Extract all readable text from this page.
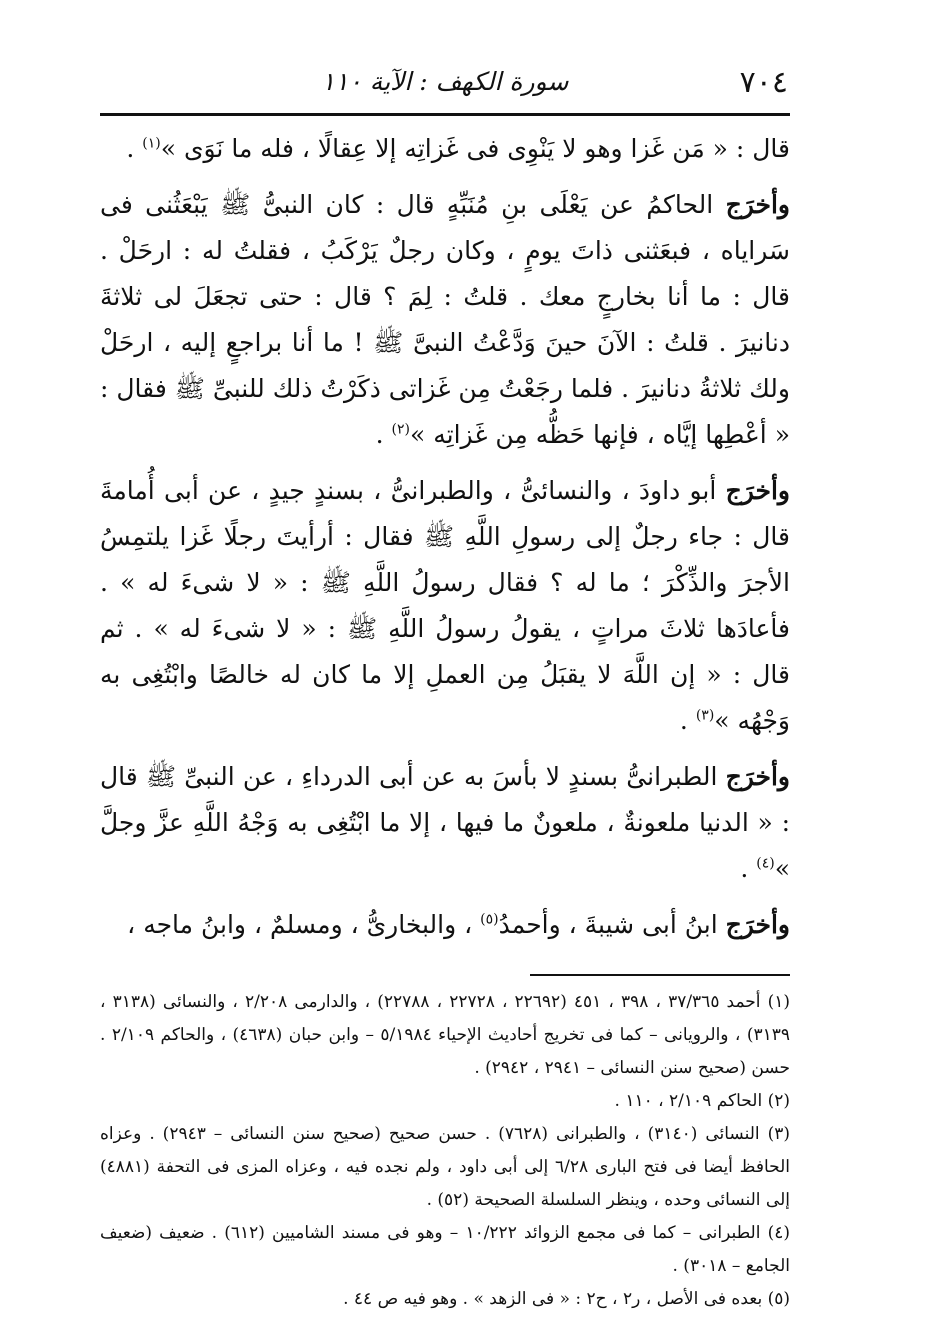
٧٠٤
سورة الكهف : الآية ١١٠

قال : « مَن غَزا وهو لا يَنْوِى فى غَزاتِه إلا عِقالًا ، فله ما نَوَى »$^{(١)}$ .

وأخرَج الحاكمُ عن يَعْلَى بنِ مُنَبِّهٍ قال : كان النبىُّ ﷺ يَبْعَثُنى فى سَراياه ، فبعَثنى ذاتَ يومٍ ، وكان رجلٌ يَرْكَبُ ، فقلتُ له : ارحَلْ . قال : ما أنا بخارجٍ معك . قلتُ : لِمَ ؟ قال : حتى تجعَلَ لى ثلاثةَ دنانيرَ . قلتُ : الآنَ حينَ وَدَّعْتُ النبىَّ ﷺ ! ما أنا براجعٍ إليه ، ارحَلْ ولك ثلاثةُ دنانيرَ . فلما رجَعْتُ مِن غَزاتى ذكَرْتُ ذلك للنبىِّ ﷺ فقال : « أعْطِها إيَّاه ، فإنها حَظُّه مِن غَزاتِه »$^{(٢)}$ .

وأخرَج أبو داودَ ، والنسائىُّ ، والطبرانىُّ ، بسندٍ جيدٍ ، عن أبى أُمامةَ قال : جاء رجلٌ إلى رسولِ اللَّهِ ﷺ فقال : أرأيتَ رجلًا غَزا يلتمِسُ الأجرَ والذِّكْرَ ؛ ما له ؟ فقال رسولُ اللَّهِ ﷺ : « لا شىءَ له » . فأعادَها ثلاثَ مراتٍ ، يقولُ رسولُ اللَّهِ ﷺ : « لا شىءَ له » . ثم قال : « إن اللَّهَ لا يقبَلُ مِن العملِ إلا ما كان له خالصًا وابْتُغِى به وَجْهُه »$^{(٣)}$ .

وأخرَج الطبرانىُّ بسندٍ لا بأسَ به عن أبى الدرداءِ ، عن النبىِّ ﷺ قال : « الدنيا ملعونةٌ ، ملعونٌ ما فيها ، إلا ما ابْتُغِى به وَجْهُ اللَّهِ عزَّ وجلَّ »$^{(٤)}$ .

وأخرَج ابنُ أبى شيبةَ ، وأحمدُ$^{(٥)}$ ، والبخارىُّ ، ومسلمٌ ، وابنُ ماجه ،

(١) أحمد ٣٧/٣٦٥ ، ٣٩٨ ، ٤٥١ (٢٢٦٩٢ ، ٢٢٧٢٨ ، ٢٢٧٨٨) ، والدارمى ٢/٢٠٨ ، والنسائى (٣١٣٨ ، ٣١٣٩) ، والرويانى – كما فى تخريج أحاديث الإحياء ٥/١٩٨٤ – وابن حبان (٤٦٣٨) ، والحاكم ٢/١٠٩ . حسن (صحيح سنن النسائى – ٢٩٤١ ، ٢٩٤٢) .

(٢) الحاكم ٢/١٠٩ ، ١١٠ .

(٣) النسائى (٣١٤٠) ، والطبرانى (٧٦٢٨) . حسن صحيح (صحيح سنن النسائى – ٢٩٤٣) . وعزاه الحافظ أيضا فى فتح البارى ٦/٢٨ إلى أبى داود ، ولم نجده فيه ، وعزاه المزى فى التحفة (٤٨٨١) إلى النسائى وحده ، وينظر السلسلة الصحيحة (٥٢) .

(٤) الطبرانى – كما فى مجمع الزوائد ١٠/٢٢٢ – وهو فى مسند الشاميين (٦١٢) . ضعيف (ضعيف الجامع – ٣٠١٨) .

(٥) بعده فى الأصل ، ر٢ ، ح٢ : « فى الزهد » . وهو فيه ص ٤٤ .
